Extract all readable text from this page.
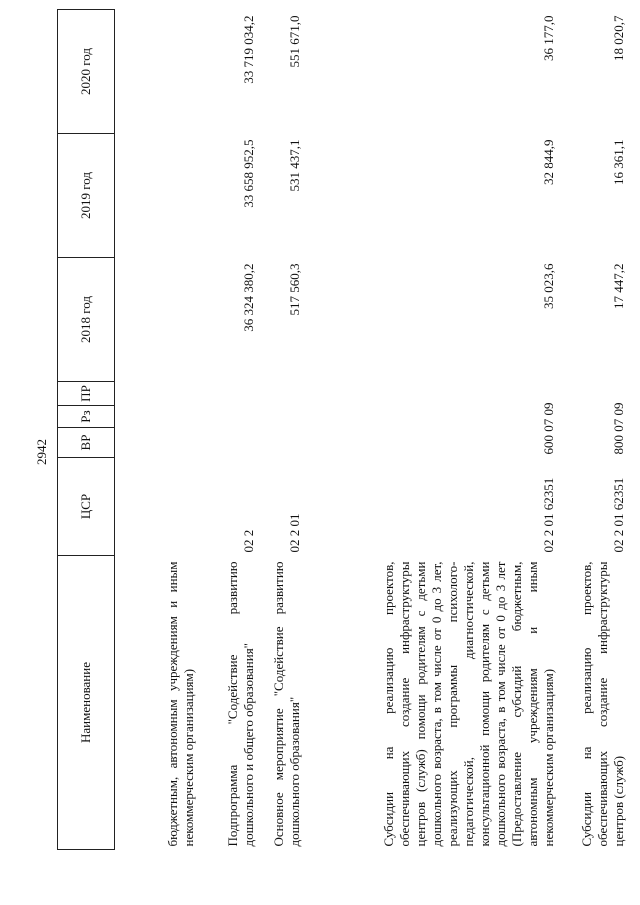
2942
Наименование	ЦСР	ВР	Рз	ПР	2018 год	2019 год	2020 год
бюджетным, автономным учреждениям и иным некоммерческим организациям)							
Подпрограмма "Содействие развитию дошкольного и общего образования"	02 2				36 324 380,2	33 658 952,5	33 719 034,2
Основное мероприятие "Содействие развитию дошкольного образования"	02 2 01				517 560,3	531 437,1	551 671,0
Субсидии на реализацию проектов, обеспечивающих создание инфраструктуры центров (служб) помощи родителям с детьми дошкольного возраста, в том числе от 0 до 3 лет, реализующих программы психолого-педагогической, диагностической, консультационной помощи родителям с детьми дошкольного возраста, в том числе от 0 до 3 лет (Предоставление субсидий бюджетным, автономным учреждениям и иным некоммерческим организациям)	02 2 01 62351	600 07 09			35 023,6	32 844,9	36 177,0
Субсидии на реализацию проектов, обеспечивающих создание инфраструктуры центров (служб)	02 2 01 62351	800 07 09			17 447,2	16 361,1	18 020,7
